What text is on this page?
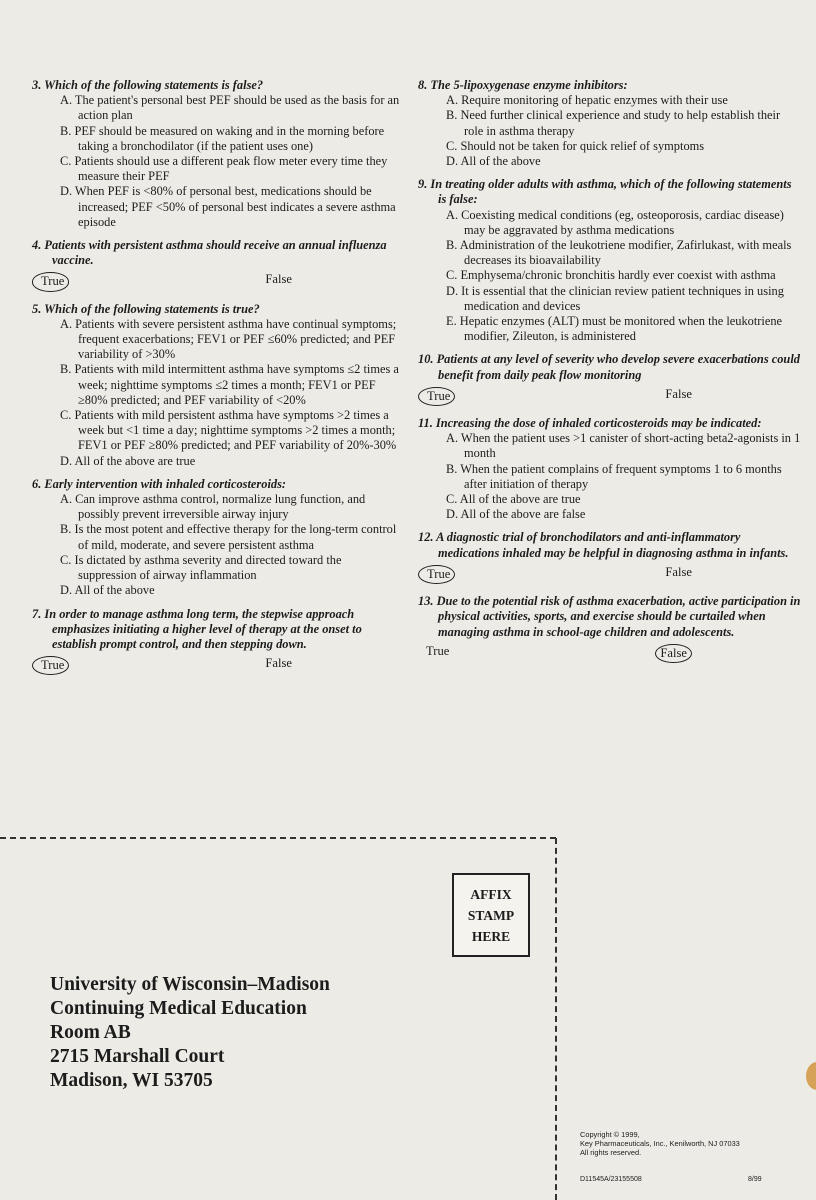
3. Which of the following statements is false?
A. The patient's personal best PEF should be used as the basis for an action plan
B. PEF should be measured on waking and in the morning before taking a bronchodilator (if the patient uses one)
C. Patients should use a different peak flow meter every time they measure their PEF
D. When PEF is <80% of personal best, medications should be increased; PEF <50% of personal best indicates a severe asthma episode
4. Patients with persistent asthma should receive an annual influenza vaccine.
True	False
5. Which of the following statements is true?
A. Patients with severe persistent asthma have continual symptoms; frequent exacerbations; FEV1 or PEF ≤60% predicted; and PEF variability of >30%
B. Patients with mild intermittent asthma have symptoms ≤2 times a week; nighttime symptoms ≤2 times a month; FEV1 or PEF ≥80% predicted; and PEF variability of <20%
C. Patients with mild persistent asthma have symptoms >2 times a week but <1 time a day; nighttime symptoms >2 times a month; FEV1 or PEF ≥80% predicted; and PEF variability of 20%-30%
D. All of the above are true
6. Early intervention with inhaled corticosteroids:
A. Can improve asthma control, normalize lung function, and possibly prevent irreversible airway injury
B. Is the most potent and effective therapy for the long-term control of mild, moderate, and severe persistent asthma
C. Is dictated by asthma severity and directed toward the suppression of airway inflammation
D. All of the above
7. In order to manage asthma long term, the stepwise approach emphasizes initiating a higher level of therapy at the onset to establish prompt control, and then stepping down.
True	False
8. The 5-lipoxygenase enzyme inhibitors:
A. Require monitoring of hepatic enzymes with their use
B. Need further clinical experience and study to help establish their role in asthma therapy
C. Should not be taken for quick relief of symptoms
D. All of the above
9. In treating older adults with asthma, which of the following statements is false:
A. Coexisting medical conditions (eg, osteoporosis, cardiac disease) may be aggravated by asthma medications
B. Administration of the leukotriene modifier, Zafirlukast, with meals decreases its bioavailability
C. Emphysema/chronic bronchitis hardly ever coexist with asthma
D. It is essential that the clinician review patient techniques in using medication and devices
E. Hepatic enzymes (ALT) must be monitored when the leukotriene modifier, Zileuton, is administered
10. Patients at any level of severity who develop severe exacerbations could benefit from daily peak flow monitoring
True	False
11. Increasing the dose of inhaled corticosteroids may be indicated:
A. When the patient uses >1 canister of short-acting beta2-agonists in 1 month
B. When the patient complains of frequent symptoms 1 to 6 months after initiation of therapy
C. All of the above are true
D. All of the above are false
12. A diagnostic trial of bronchodilators and anti-inflammatory medications inhaled may be helpful in diagnosing asthma in infants.
True	False
13. Due to the potential risk of asthma exacerbation, active participation in physical activities, sports, and exercise should be curtailed when managing asthma in school-age children and adolescents.
True	False
AFFIX
STAMP
HERE
University of Wisconsin–Madison
Continuing Medical Education
Room AB
2715 Marshall Court
Madison, WI 53705
Copyright © 1999,
Key Pharmaceuticals, Inc., Kenilworth, NJ 07033
All rights reserved.
D11545A/23155508	8/99
